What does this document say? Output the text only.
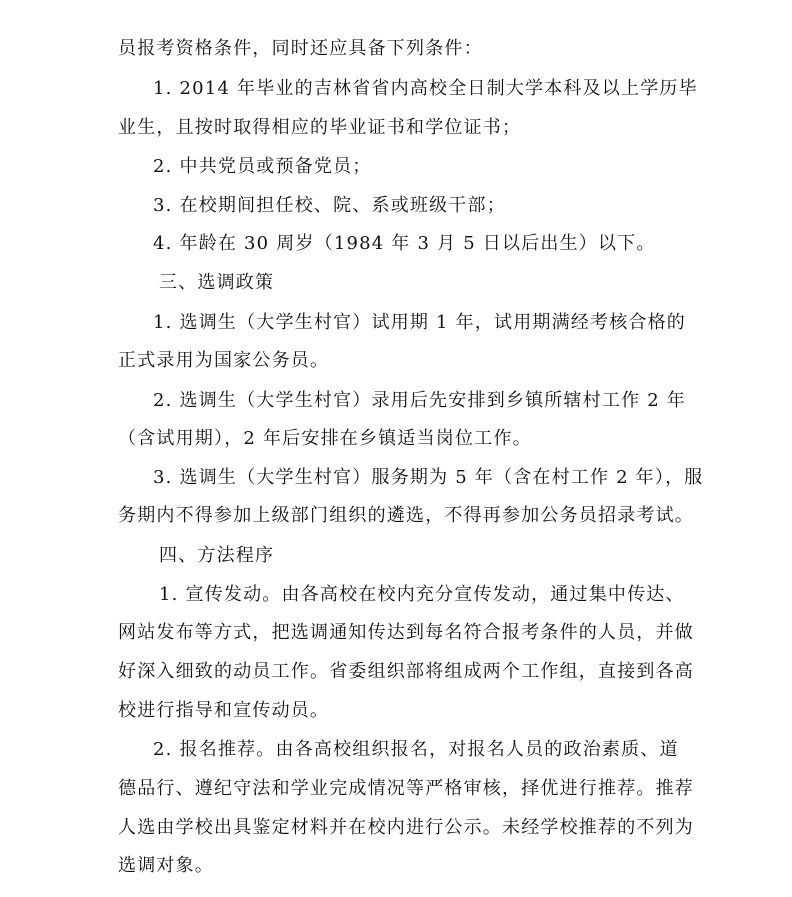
员报考资格条件，同时还应具备下列条件：
1. 2014 年毕业的吉林省省内高校全日制大学本科及以上学历毕
业生，且按时取得相应的毕业证书和学位证书；
2. 中共党员或预备党员；
3. 在校期间担任校、院、系或班级干部；
4. 年龄在 30 周岁（1984 年 3 月 5 日以后出生）以下。
三、选调政策
1. 选调生（大学生村官）试用期 1 年，试用期满经考核合格的
正式录用为国家公务员。
2. 选调生（大学生村官）录用后先安排到乡镇所辖村工作 2 年
（含试用期），2 年后安排在乡镇适当岗位工作。
3. 选调生（大学生村官）服务期为 5 年（含在村工作 2 年），服
务期内不得参加上级部门组织的遴选，不得再参加公务员招录考试。
四、方法程序
1. 宣传发动。由各高校在校内充分宣传发动，通过集中传达、
网站发布等方式，把选调通知传达到每名符合报考条件的人员，并做
好深入细致的动员工作。省委组织部将组成两个工作组，直接到各高
校进行指导和宣传动员。
2. 报名推荐。由各高校组织报名，对报名人员的政治素质、道
德品行、遵纪守法和学业完成情况等严格审核，择优进行推荐。推荐
人选由学校出具鉴定材料并在校内进行公示。未经学校推荐的不列为
选调对象。
